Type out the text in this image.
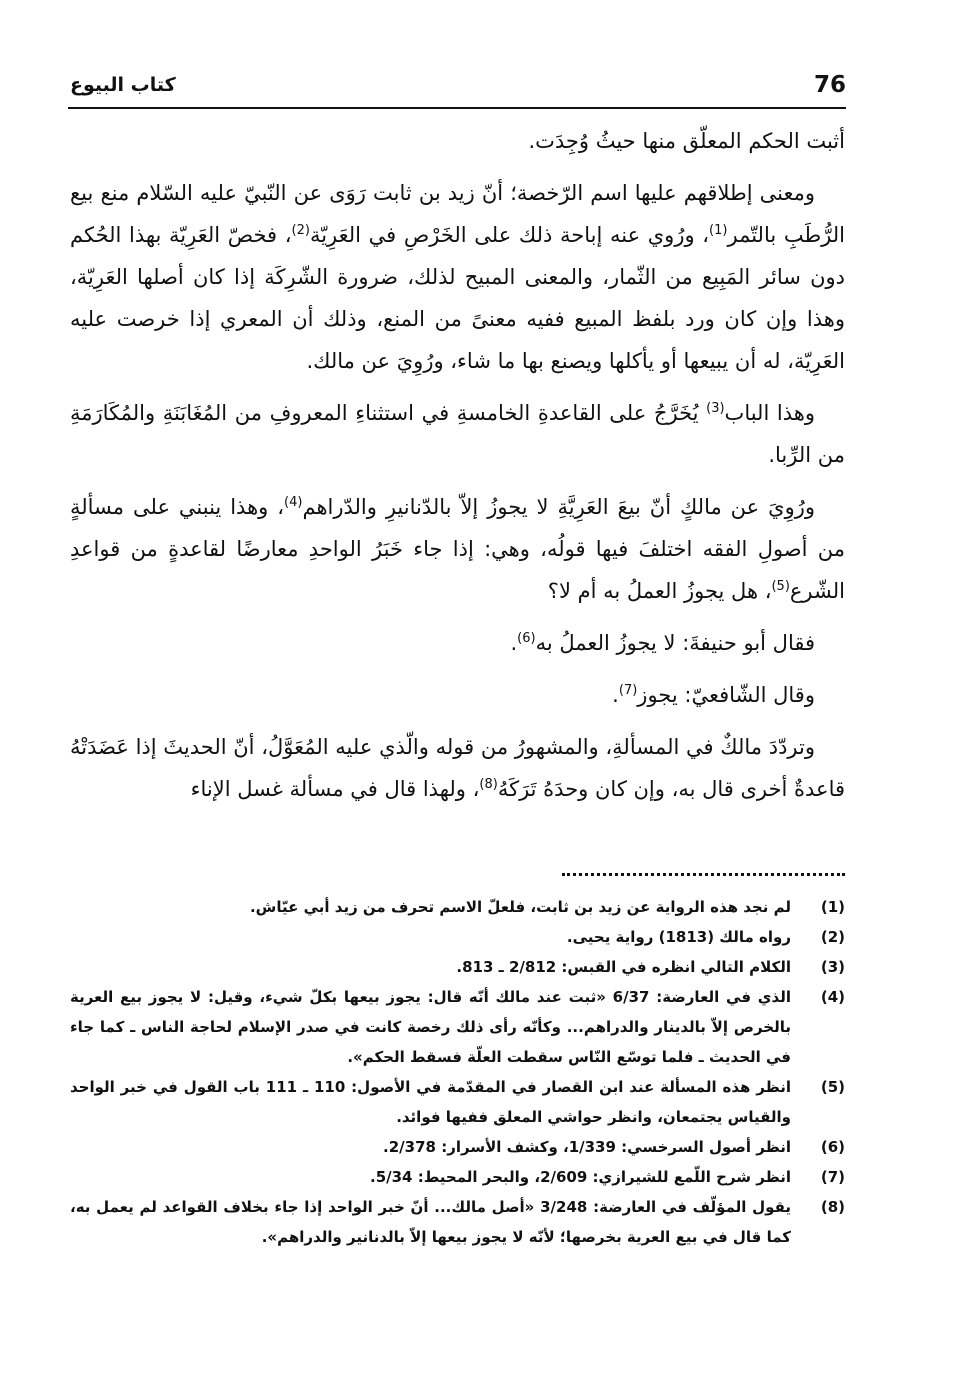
76
كتاب البيوع

أثبت الحكم المعلّق منها حيثُ وُجِدَت.

ومعنى إطلاقهم عليها اسم الرّخصة؛ أنّ زيد بن ثابت رَوَى عن النّبيّ عليه السّلام منع بيع الرُّطَبِ بالتّمر$^{(1)}$، ورُوي عنه إباحة ذلك على الخَرْصِ في العَرِيّة$^{(2)}$، فخصّ العَرِيّة بهذا الحُكم دون سائر المَبِيع من الثّمار، والمعنى المبيح لذلك، ضرورة الشّرِكَة إذا كان أصلها العَرِيّة، وهذا وإن كان ورد بلفظ المبيع ففيه معنىً من المنع، وذلك أن المعري إذا خرصت عليه العَرِيّة، له أن يبيعها أو يأكلها ويصنع بها ما شاء، ورُوِيَ عن مالك.

وهذا الباب$^{(3)}$ يُخَرَّجُ على القاعدةِ الخامسةِ في استثناءِ المعروفِ من المُغَابَنَةِ والمُكَارَمَةِ من الرِّبا.

ورُوِيَ عن مالكٍ أنّ بيعَ العَرِيَّةِ لا يجوزُ إلاّ بالدّنانيرِ والدّراهم$^{(4)}$، وهذا ينبني على مسألةٍ من أصولِ الفقه اختلفَ فيها قولُه، وهي: إذا جاء خَبَرُ الواحدِ معارضًا لقاعدةٍ من قواعدِ الشّرع$^{(5)}$، هل يجوزُ العملُ به أم لا؟

فقال أبو حنيفةَ: لا يجوزُ العملُ به$^{(6)}$.

وقال الشّافعيّ: يجوز$^{(7)}$.

وتردّدَ مالكٌ في المسألةِ، والمشهورُ من قوله والّذي عليه المُعَوَّلُ، أنّ الحديثَ إذا عَضَدَتْهُ قاعدةٌ أخرى قال به، وإن كان وحدَهُ تَرَكَهُ$^{(8)}$، ولهذا قال في مسألة غسل الإناء

(1)
لم نجد هذه الرواية عن زيد بن ثابت، فلعلّ الاسم تحرف من زيد أبي عيّاش.
(2)
رواه مالك (1813) رواية يحيى.
(3)
الكلام التالي انظره في القبس: 2/812 ـ 813.
(4)
الذي في العارضة: 6/37 «ثبت عند مالك أنّه قال: يجوز بيعها بكلّ شيء، وقيل: لا يجوز بيع العرية بالخرص إلاّ بالدينار والدراهم... وكأنّه رأى ذلك رخصة كانت في صدر الإسلام لحاجة الناس ـ كما جاء في الحديث ـ فلما توسّع النّاس سقطت العلّة فسقط الحكم».
(5)
انظر هذه المسألة عند ابن القصار في المقدّمة في الأصول: 110 ـ 111 باب القول في خبر الواحد والقياس يجتمعان، وانظر حواشي المعلق ففيها فوائد.
(6)
انظر أصول السرخسي: 1/339، وكشف الأسرار: 2/378.
(7)
انظر شرح اللّمع للشيرازي: 2/609، والبحر المحيط: 5/34.
(8)
يقول المؤلّف في العارضة: 3/248 «أصل مالك... أنّ خبر الواحد إذا جاء بخلاف القواعد لم يعمل به، كما قال في بيع العرية بخرصها؛ لأنّه لا يجوز بيعها إلاّ بالدنانير والدراهم».
